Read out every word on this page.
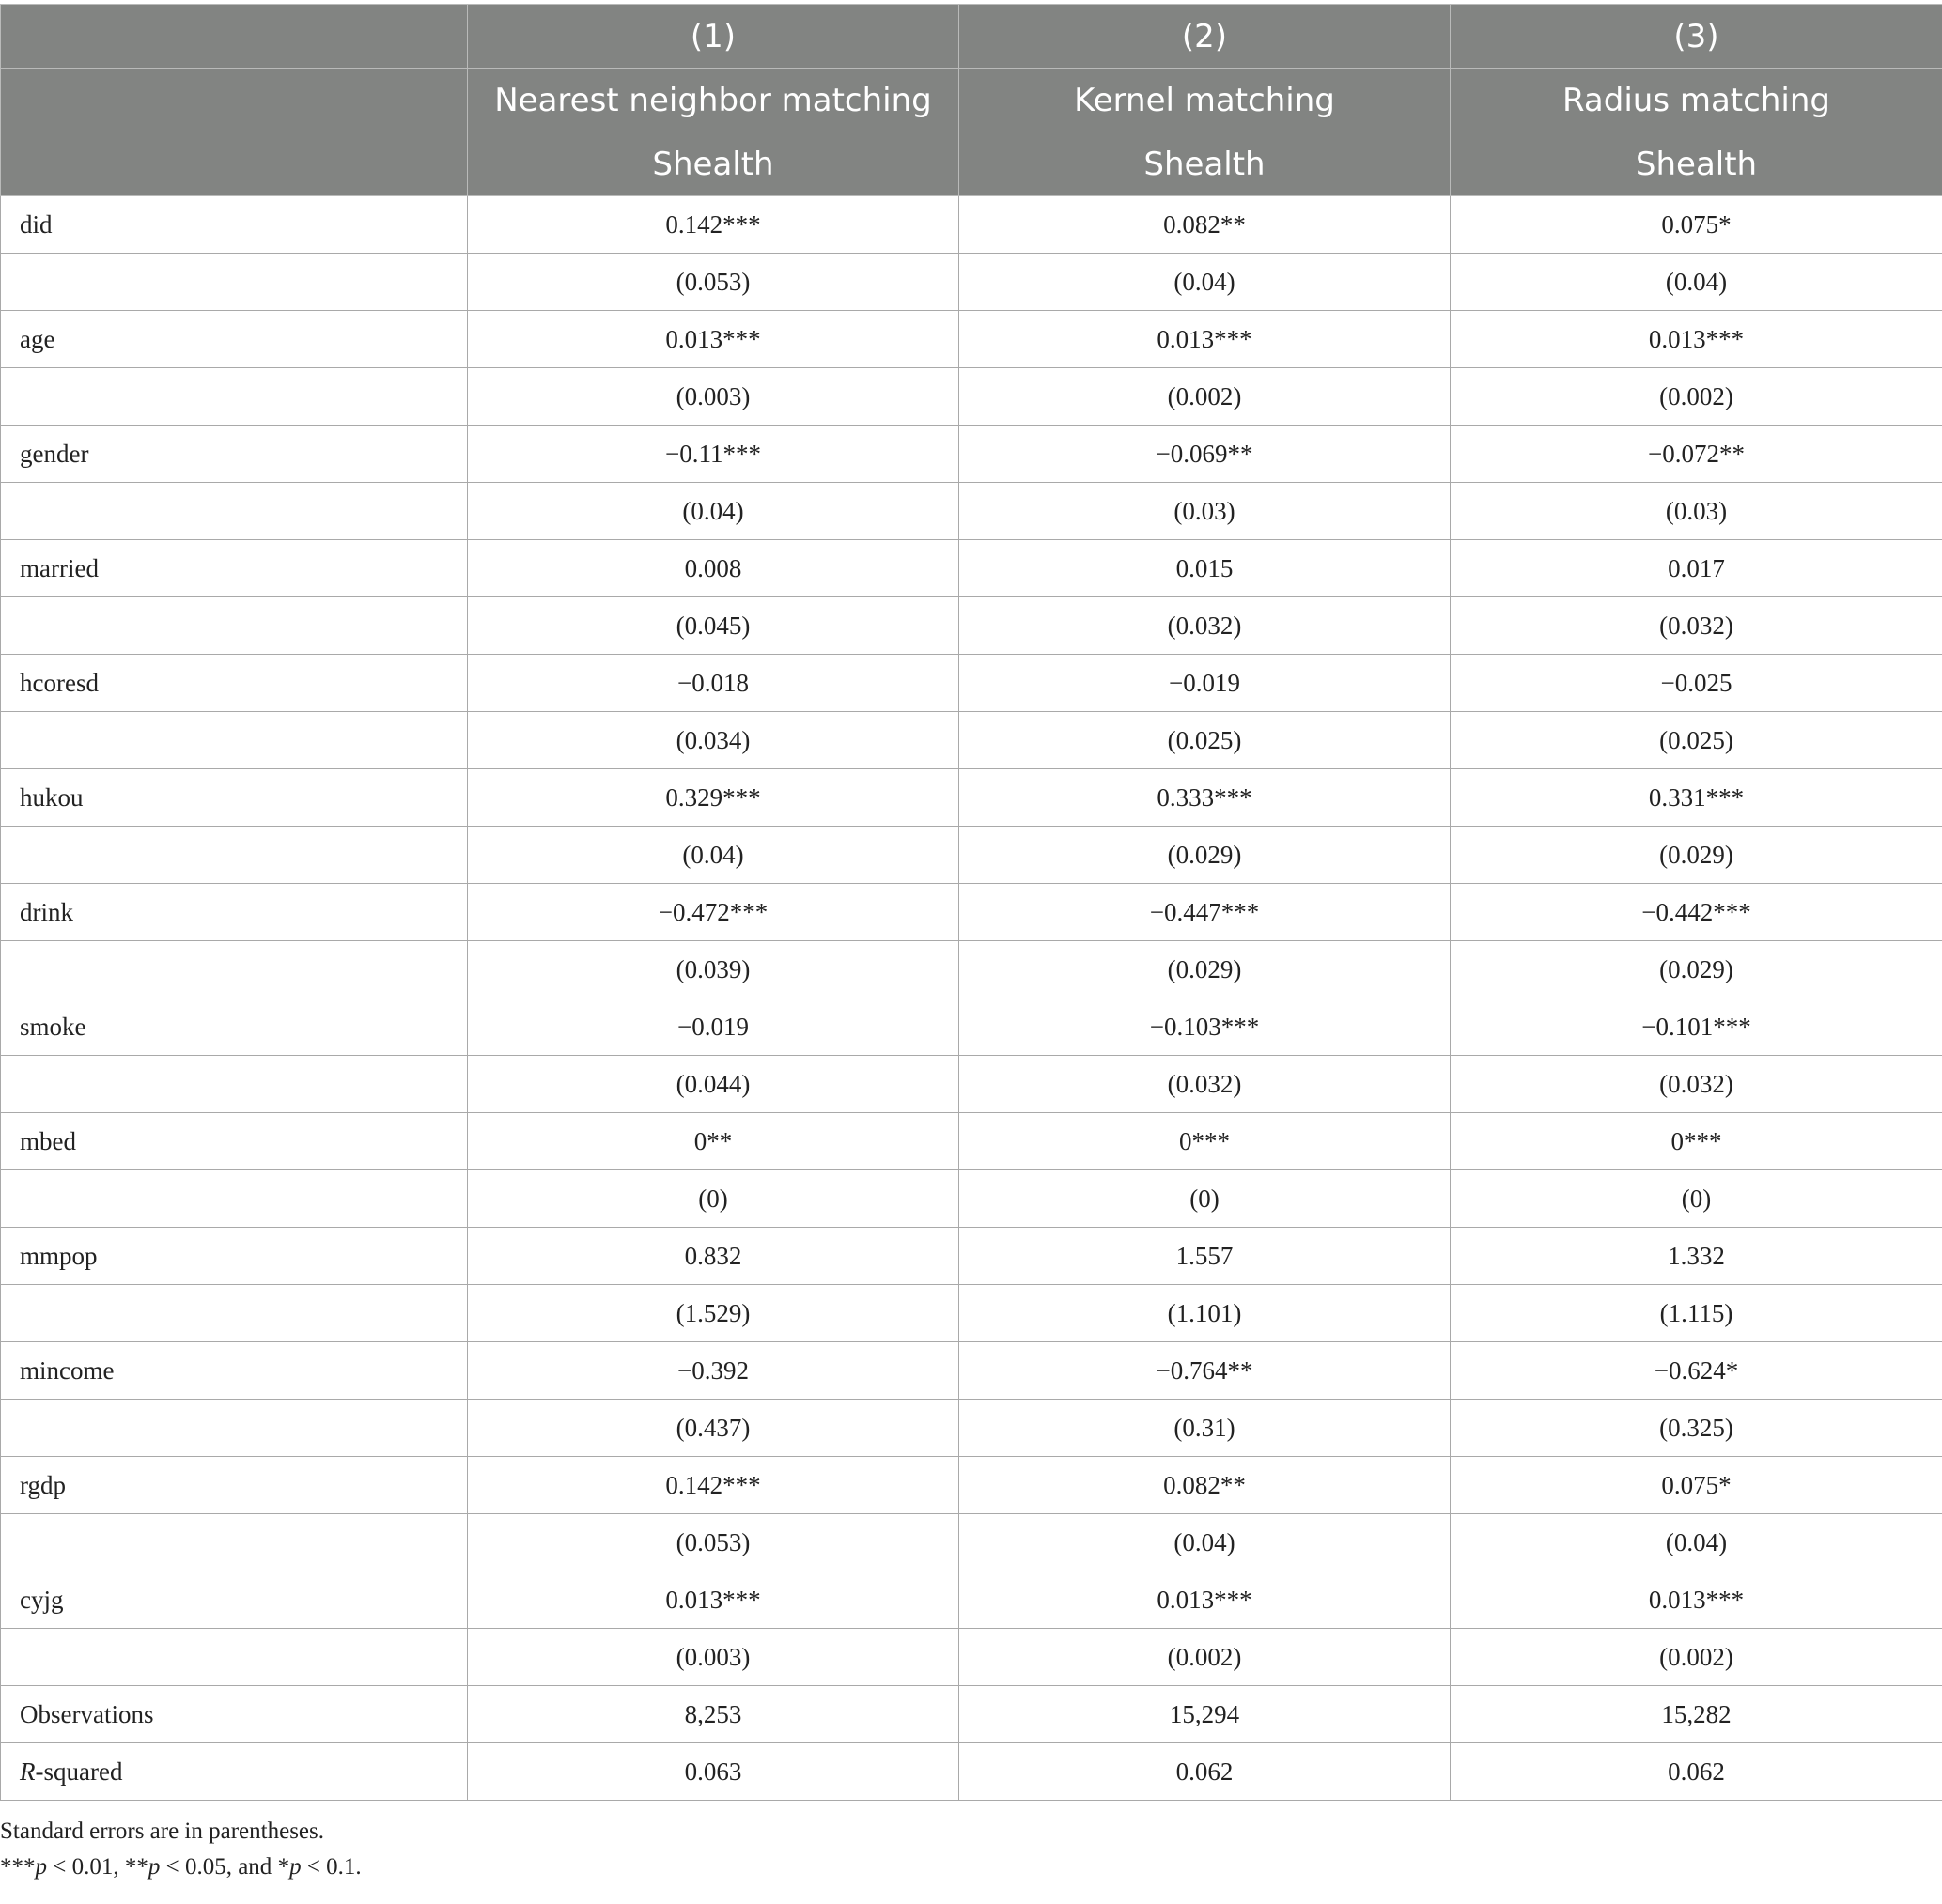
	(1)	(2)	(3)
	Nearest neighbor matching	Kernel matching	Radius matching
	Shealth	Shealth	Shealth
did	0.142***	0.082**	0.075*
	(0.053)	(0.04)	(0.04)
age	0.013***	0.013***	0.013***
	(0.003)	(0.002)	(0.002)
gender	−0.11***	−0.069**	−0.072**
	(0.04)	(0.03)	(0.03)
married	0.008	0.015	0.017
	(0.045)	(0.032)	(0.032)
hcoresd	−0.018	−0.019	−0.025
	(0.034)	(0.025)	(0.025)
hukou	0.329***	0.333***	0.331***
	(0.04)	(0.029)	(0.029)
drink	−0.472***	−0.447***	−0.442***
	(0.039)	(0.029)	(0.029)
smoke	−0.019	−0.103***	−0.101***
	(0.044)	(0.032)	(0.032)
mbed	0**	0***	0***
	(0)	(0)	(0)
mmpop	0.832	1.557	1.332
	(1.529)	(1.101)	(1.115)
mincome	−0.392	−0.764**	−0.624*
	(0.437)	(0.31)	(0.325)
rgdp	0.142***	0.082**	0.075*
	(0.053)	(0.04)	(0.04)
cyjg	0.013***	0.013***	0.013***
	(0.003)	(0.002)	(0.002)
Observations	8,253	15,294	15,282
R-squared	0.063	0.062	0.062

Standard errors are in parentheses.

***p < 0.01, **p < 0.05, and *p < 0.1.
